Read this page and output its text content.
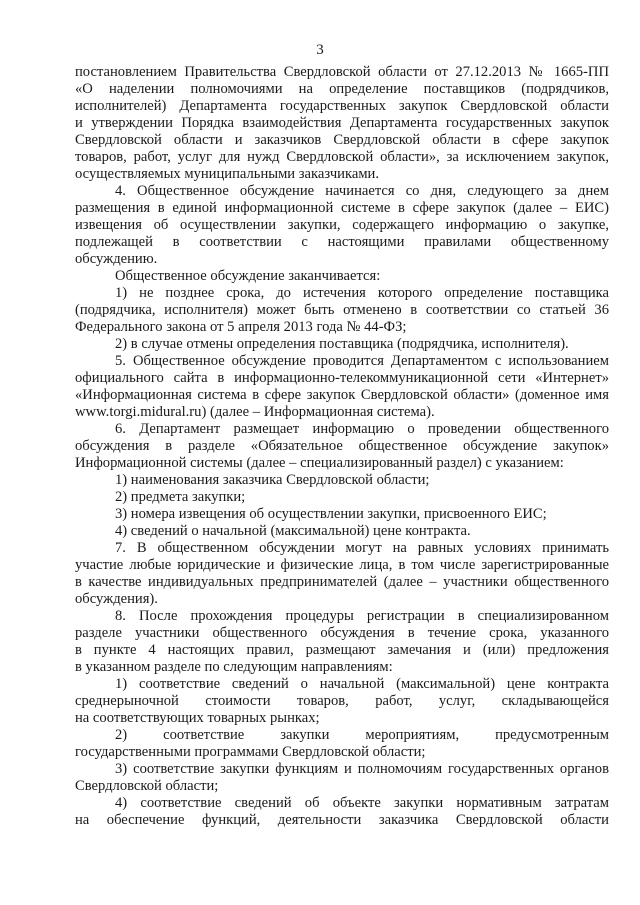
3
постановлением Правительства Свердловской области от 27.12.2013 № 1665-ПП
«О наделении полномочиями на определение поставщиков (подрядчиков,
исполнителей) Департамента государственных закупок Свердловской области
и утверждении Порядка взаимодействия Департамента государственных закупок
Свердловской области и заказчиков Свердловской области в сфере закупок
товаров, работ, услуг для нужд Свердловской области», за исключением закупок,
осуществляемых муниципальными заказчиками.
4. Общественное обсуждение начинается со дня, следующего за днем
размещения в единой информационной системе в сфере закупок (далее – ЕИС)
извещения об осуществлении закупки, содержащего информацию о закупке,
подлежащей в соответствии с настоящими правилами общественному
обсуждению.
Общественное обсуждение заканчивается:
1) не позднее срока, до истечения которого определение поставщика
(подрядчика, исполнителя) может быть отменено в соответствии со статьей 36
Федерального закона от 5 апреля 2013 года № 44-ФЗ;
2) в случае отмены определения поставщика (подрядчика, исполнителя).
5. Общественное обсуждение проводится Департаментом с использованием
официального сайта в информационно-телекоммуникационной сети «Интернет»
«Информационная система в сфере закупок Свердловской области» (доменное имя
www.torgi.midural.ru) (далее – Информационная система).
6. Департамент размещает информацию о проведении общественного
обсуждения в разделе «Обязательное общественное обсуждение закупок»
Информационной системы (далее – специализированный раздел) с указанием:
1) наименования заказчика Свердловской области;
2) предмета закупки;
3) номера извещения об осуществлении закупки, присвоенного ЕИС;
4) сведений о начальной (максимальной) цене контракта.
7. В общественном обсуждении могут на равных условиях принимать
участие любые юридические и физические лица, в том числе зарегистрированные
в качестве индивидуальных предпринимателей (далее – участники общественного
обсуждения).
8. После прохождения процедуры регистрации в специализированном
разделе участники общественного обсуждения в течение срока, указанного
в пункте 4 настоящих правил, размещают замечания и (или) предложения
в указанном разделе по следующим направлениям:
1) соответствие сведений о начальной (максимальной) цене контракта
среднерыночной стоимости товаров, работ, услуг, складывающейся
на соответствующих товарных рынках;
2) соответствие закупки мероприятиям, предусмотренным
государственными программами Свердловской области;
3) соответствие закупки функциям и полномочиям государственных органов
Свердловской области;
4) соответствие сведений об объекте закупки нормативным затратам
на обеспечение функций, деятельности заказчика Свердловской области
